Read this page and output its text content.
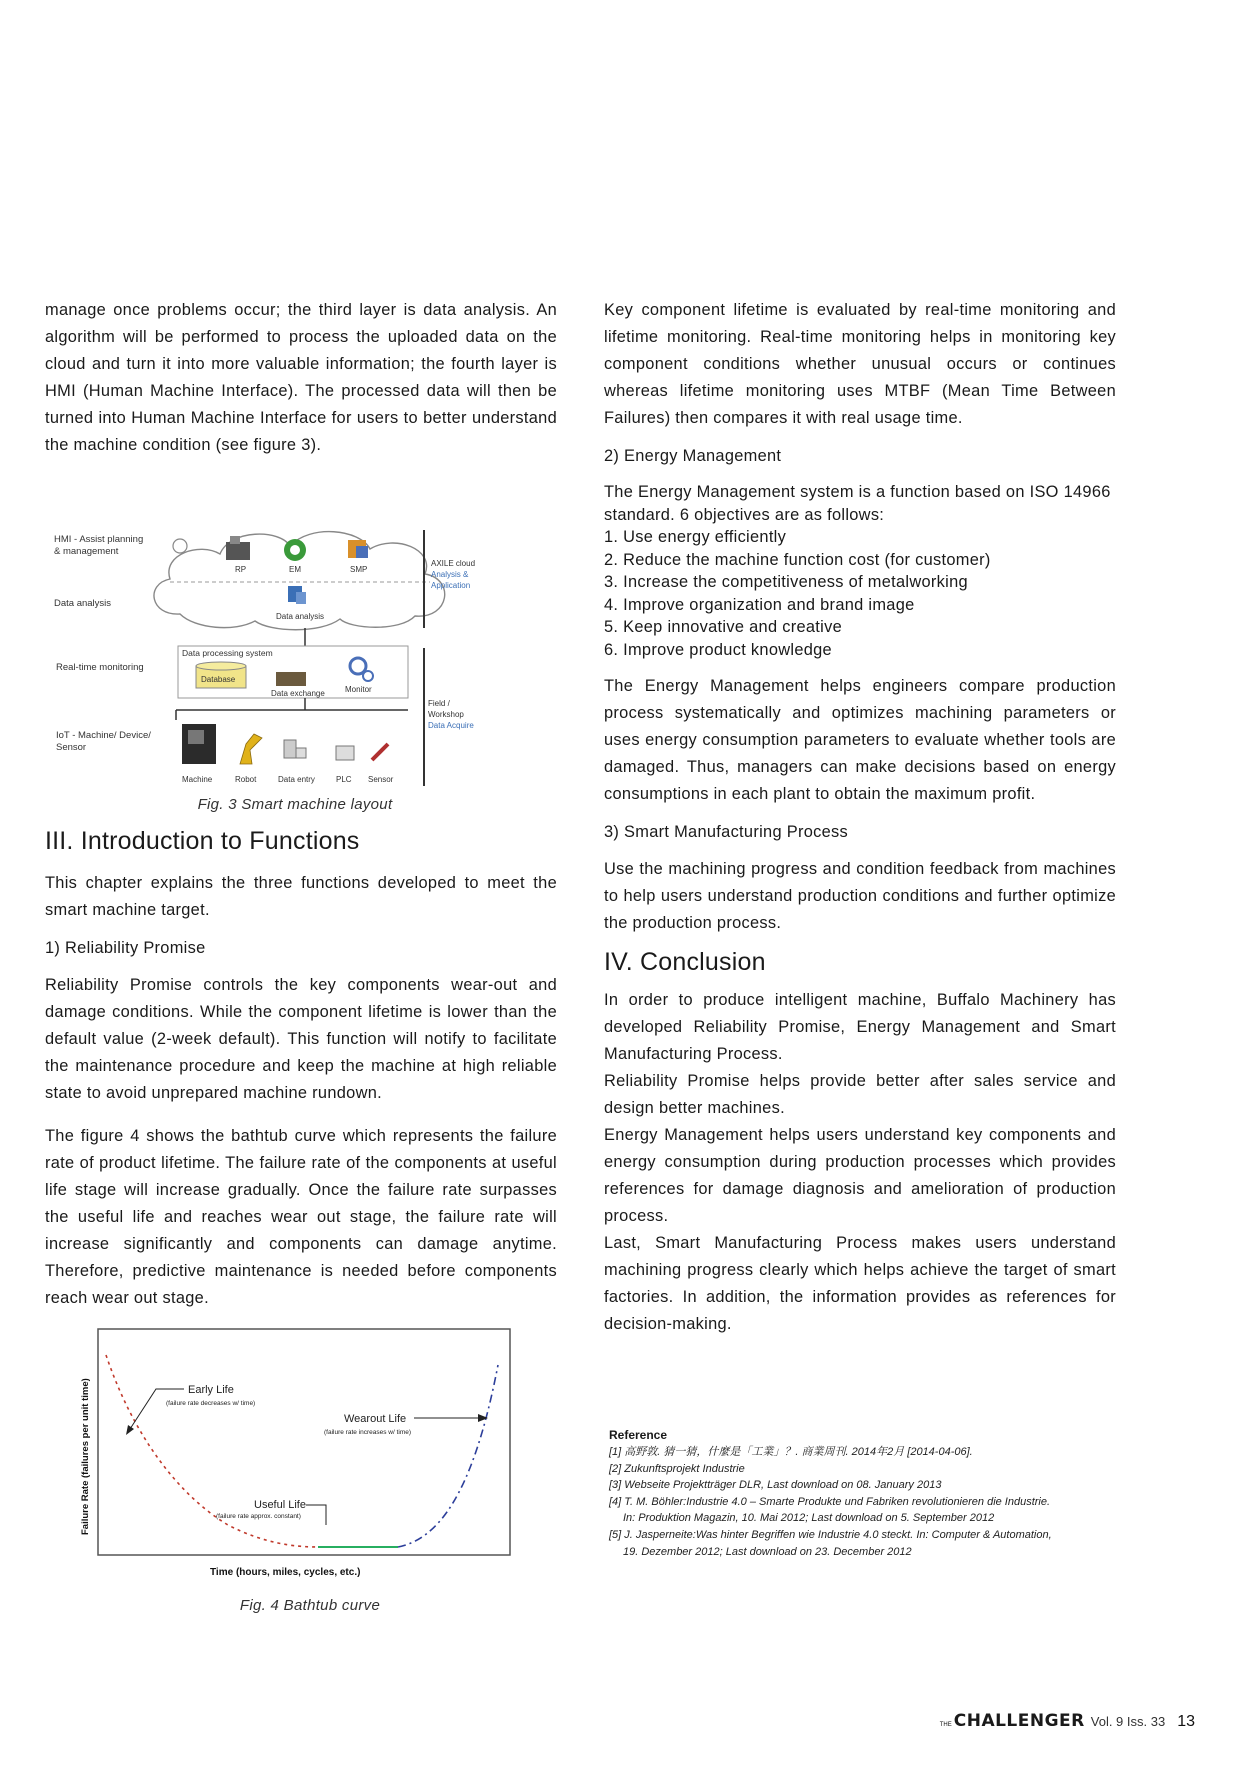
manage once problems occur; the third layer is data analysis. An algorithm will be performed to process the uploaded data on the cloud and turn it into more valuable information; the fourth layer is HMI (Human Machine Interface). The processed data will then be turned into Human Machine Interface for users to better understand the machine condition (see figure 3).

HMI - Assist planning
& management
Data analysis
Real-time monitoring
IoT - Machine/ Device/
Sensor
RP	EM	SMP
Data analysis
AXILE cloud
Analysis &
Application
Data processing system
Database
Data exchange	Monitor
Field /
Workshop
Data Acquire
Machine	Robot	Data entry	PLC Sensor
Fig. 3 Smart machine layout
III. Introduction to Functions

This chapter explains the three functions developed to meet the smart machine target.

1) Reliability Promise

Reliability Promise controls the key components wear-out and damage conditions. While the component lifetime is lower than the default value (2-week default). This function will notify to facilitate the maintenance procedure and keep the machine at high reliable state to avoid unprepared machine rundown.

The figure 4 shows the bathtub curve which represents the failure rate of product lifetime. The failure rate of the components at useful life stage will increase gradually. Once the failure rate surpasses the useful life and reaches wear out stage, the failure rate will increase significantly and components can damage anytime. Therefore, predictive maintenance is needed before components reach wear out stage.

Failure Rate (failures per unit time)
Time (hours, miles, cycles, etc.)
Early Life
(failure rate decreases w/ time)
Wearout Life
(failure rate increases w/ time)
Useful Life
(failure rate approx. constant)
Fig. 4 Bathtub curve

Key component lifetime is evaluated by real-time monitoring and lifetime monitoring. Real-time monitoring helps in monitoring key component conditions whether unusual occurs or continues whereas lifetime monitoring uses MTBF (Mean Time Between Failures) then compares it with real usage time.

2) Energy Management

The Energy Management system is a function based on ISO 14966 standard. 6 objectives are as follows:

1. Use energy efficiently

2. Reduce the machine function cost (for customer)

3. Increase the competitiveness of metalworking

4. Improve organization and brand image

5. Keep innovative and creative

6. Improve product knowledge

The Energy Management helps engineers compare production process systematically and optimizes machining parameters or uses energy consumption parameters to evaluate whether tools are damaged. Thus, managers can make decisions based on energy consumptions in each plant to obtain the maximum profit.

3) Smart Manufacturing Process

Use the machining progress and condition feedback from machines to help users understand production conditions and further optimize the production process.

IV. Conclusion

In order to produce intelligent machine, Buffalo Machinery has developed Reliability Promise, Energy Management and Smart Manufacturing Process.

Reliability Promise helps provide better after sales service and design better machines.

Energy Management helps users understand key components and energy consumption during production processes which provides references for damage diagnosis and amelioration of production process.

Last, Smart Manufacturing Process makes users understand machining progress clearly which helps achieve the target of smart factories. In addition, the information provides as references for decision-making.

Reference

[1] 高野敦. 猜一猜，什麼是「工業」？. 商業周刊. 2014年2月 [2014-04-06].

[2] Zukunftsprojekt Industrie

[3] Webseite Projektträger DLR, Last download on 08. January 2013

[4] T. M. Böhler:Industrie 4.0 – Smarte Produkte und Fabriken revolutionieren die Industrie.

In: Produktion Magazin, 10. Mai 2012; Last download on 5. September 2012

[5] J. Jasperneite:Was hinter Begriffen wie Industrie 4.0 steckt. In: Computer & Automation,

19. Dezember 2012; Last download on 23. December 2012

THE CHALLENGER Vol. 9 Iss. 33 13
